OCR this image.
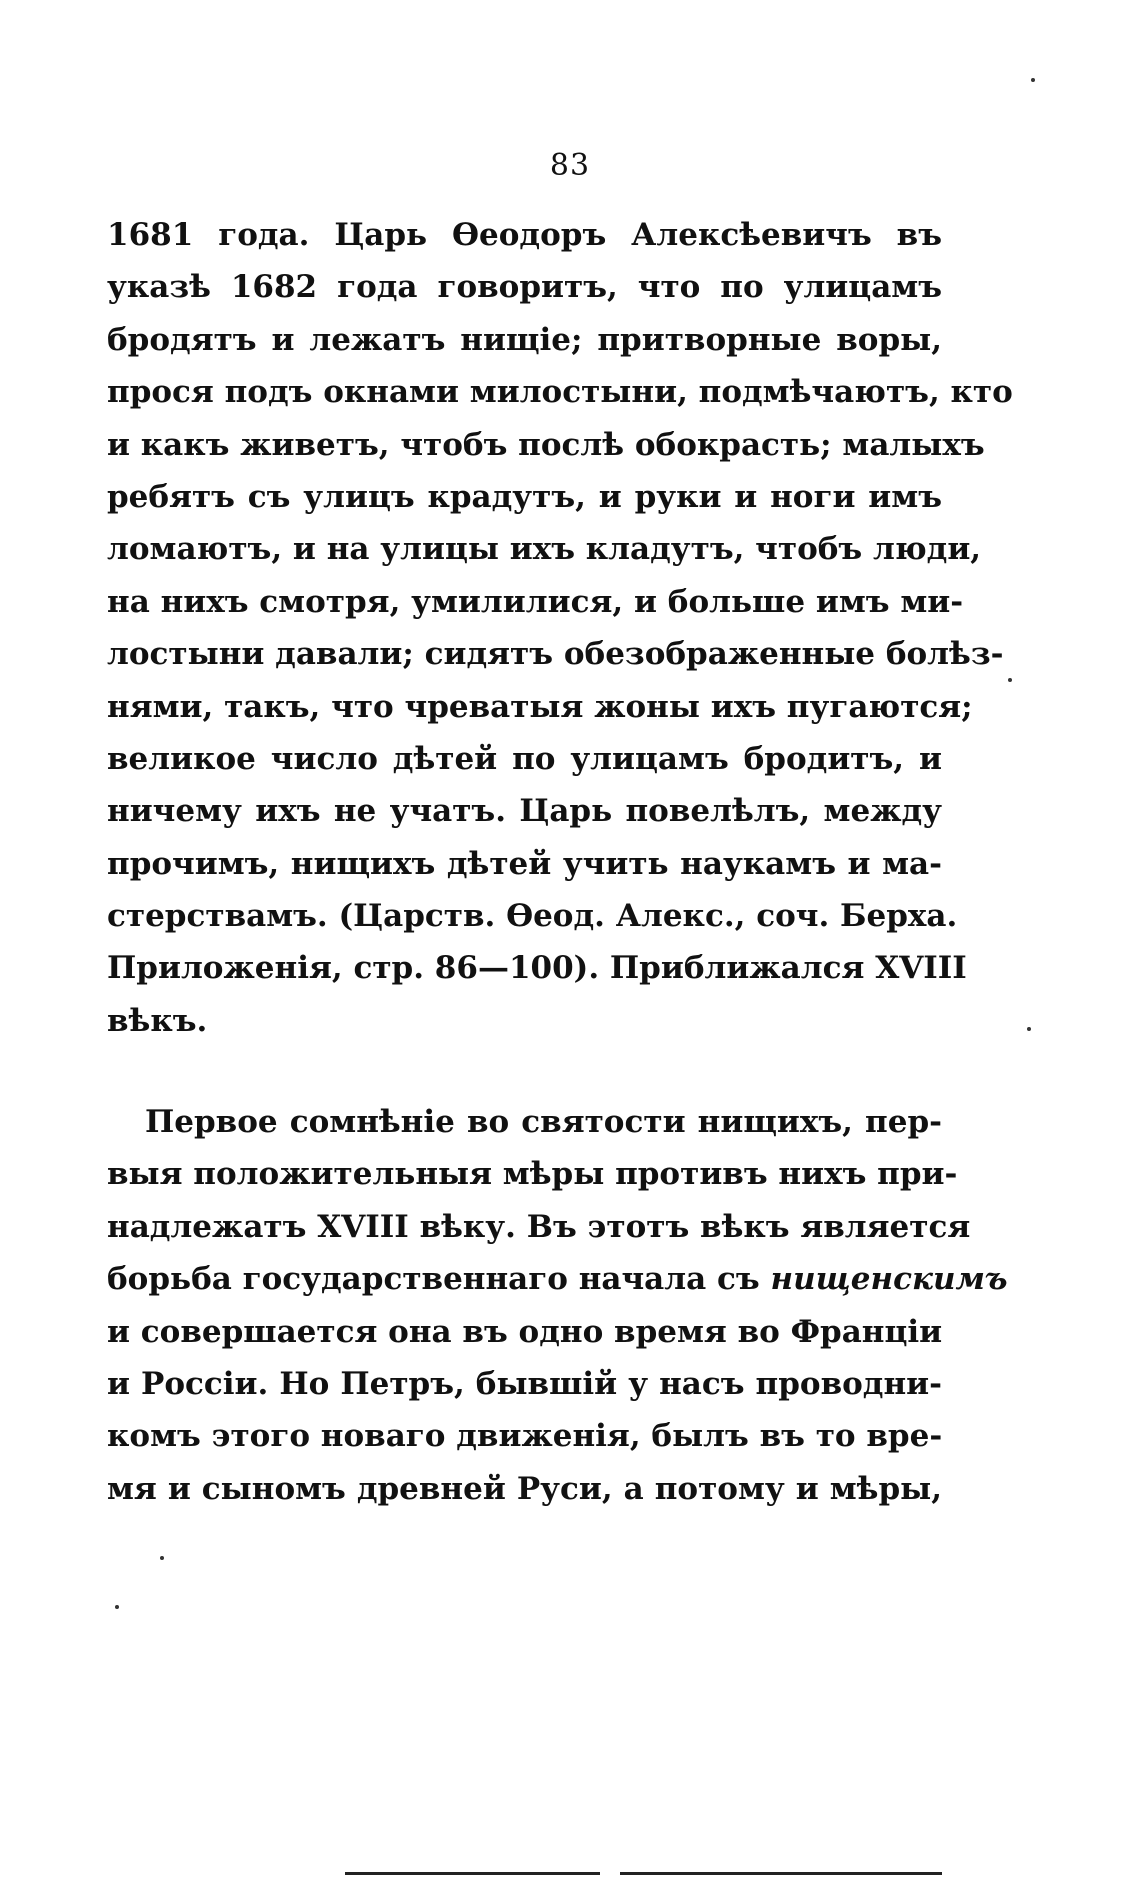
83
1681 года. Царь Ѳеодоръ Алексѣевичъ въ
указѣ 1682 года говоритъ, что по улицамъ
бродятъ и лежатъ нищіе; притворные воры,
прося подъ окнами милостыни, подмѣчаютъ, кто
и какъ живетъ, чтобъ послѣ обокрасть; малыхъ
ребятъ съ улицъ крадутъ, и руки и ноги имъ
ломаютъ, и на улицы ихъ кладутъ, чтобъ люди,
на нихъ смотря, умилилися, и больше имъ ми-
лостыни давали; сидятъ обезображенные болѣз-
нями, такъ, что чреватыя жоны ихъ пугаются;
великое число дѣтей по улицамъ бродитъ, и
ничему ихъ не учатъ. Царь повелѣлъ, между
прочимъ, нищихъ дѣтей учить наукамъ и ма-
стерствамъ. (Царств. Ѳеод. Алекс., соч. Берха.
Приложенія, стр. 86—100). Приближался XVIII
вѣкъ.
Первое сомнѣніе во святости нищихъ, пер-
выя положительныя мѣры противъ нихъ при-
надлежатъ XVIII вѣку. Въ этотъ вѣкъ является
борьба государственнаго начала съ нищенскимъ
и совершается она въ одно время во Франціи
и Россіи. Но Петръ, бывшій у насъ проводни-
комъ этого новаго движенія, былъ въ то вре-
мя и сыномъ древней Руси, а потому и мѣры,
